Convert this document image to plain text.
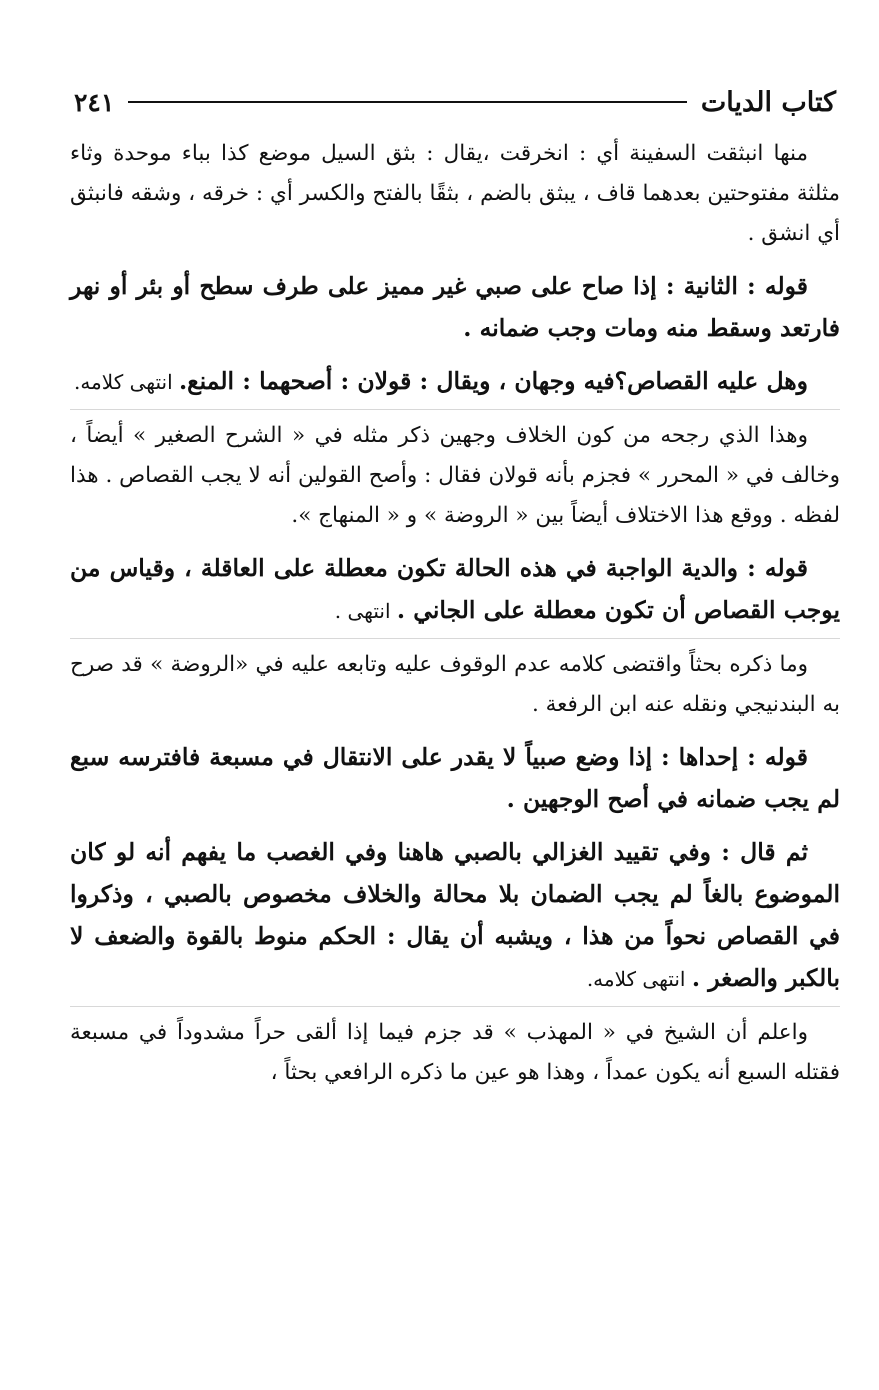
كتاب الديات
٢٤١

منها انبثقت السفينة أي : انخرقت ،يقال : بثق السيل موضع كذا بباء موحدة وثاء مثلثة مفتوحتين بعدهما قاف ، يبثق بالضم ، بثقًا بالفتح والكسر أي : خرقه ، وشقه فانبثق أي انشق .

قوله : الثانية : إذا صاح على صبي غير مميز على طرف سطح أو بئر أو نهر فارتعد وسقط منه ومات وجب ضمانه .

وهل عليه القصاص؟فيه وجهان ، ويقال : قولان : أصحهما : المنع. انتهى كلامه.

وهذا الذي رجحه من كون الخلاف وجهين ذكر مثله في « الشرح الصغير » أيضاً ، وخالف في « المحرر » فجزم بأنه قولان فقال : وأصح القولين أنه لا يجب القصاص . هذا لفظه . ووقع هذا الاختلاف أيضاً بين « الروضة » و « المنهاج ».

قوله : والدية الواجبة في هذه الحالة تكون معطلة على العاقلة ، وقياس من يوجب القصاص أن تكون معطلة على الجاني . انتهى .

وما ذكره بحثاً واقتضى كلامه عدم الوقوف عليه وتابعه عليه في «الروضة » قد صرح به البندنيجي ونقله عنه ابن الرفعة .

قوله : إحداها : إذا وضع صبياً لا يقدر على الانتقال في مسبعة فافترسه سبع لم يجب ضمانه في أصح الوجهين .

ثم قال : وفي تقييد الغزالي بالصبي هاهنا وفي الغصب ما يفهم أنه لو كان الموضوع بالغاً لم يجب الضمان بلا محالة والخلاف مخصوص بالصبي ، وذكروا في القصاص نحواً من هذا ، ويشبه أن يقال : الحكم منوط بالقوة والضعف لا بالكبر والصغر . انتهى كلامه.

واعلم أن الشيخ في « المهذب » قد جزم فيما إذا ألقى حراً مشدوداً في مسبعة فقتله السبع أنه يكون عمداً ، وهذا هو عين ما ذكره الرافعي بحثاً ،
